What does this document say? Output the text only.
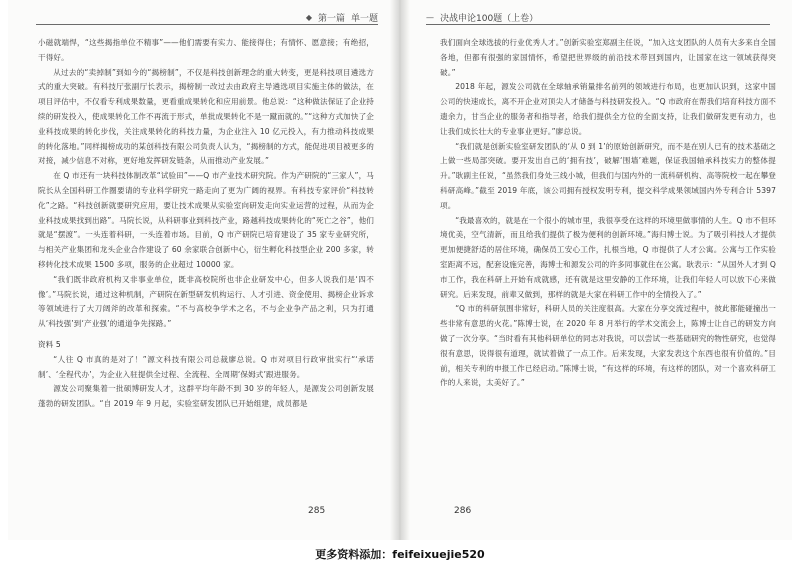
◆ 第一篇 单一题

小磁就端悍，“这些揭指单位不精事”——他们需要有实力、能接得住；有情怀、愿意接；有绝招，干得好。

从过去的“卖掉制”到如今的“揭榜制”，不仅是科技创新理念的重大转变，更是科技项目遴选方式的重大突破。有科技厅张副厅长表示，揭榜制一改过去由政府主导遴选项目实施主体的做法，在项目评估中，不仅看专利成果数量，更看重成果转化和应用前景。他总说：“这种做法保证了企业持续的研发投入，使成果转化工作不再流于形式，单批成果转化不是一蹴而就的。”“这种方式加快了企业科技成果的转化步伐，关注成果转化的科技力量，为企业注入 10 亿元投入，有力推动科技成果的转化落地。”同样揭榜成功的某创科技有限公司负责人认为，“揭榜制的方式，能促进项目被更多的对接，减少信息不对称，更好地发挥研发链条，从而推动产业发展。”

在 Q 市还有一块科技体制改革“试验田”——Q 市产业技术研究院。作为产研院的“三家人”，马院长从全国科研工作圈要请的专业科学研究一路走向了更为广阔的视界。有科技专家评价“科技转化”之路。“科技创新就要研究应用，要让技术成果从实验室向研发走向实业运营的过程，从而为企业科技成果找到出路”。马院长说，从科研事业到科技产业，路越科技成果转化的“死亡之谷”，他们就是“摆渡”。一头连着科研，一头连着市场。目前，Q 市产研院已培育建设了 35 家专业研究所，与相关产业集团和龙头企业合作建设了 60 余家联合创新中心，衍生孵化科技型企业 200 多家，转移转化技术成果 1500 多项，服务的企业超过 10000 家。

“我们既非政府机构又非事业单位，既非高校院所也非企业研发中心，但多人说我们是‘四不像’。”马院长说，通过这种机制，产研院在新型研发机构运行、人才引进、资金使用、揭榜企业诉求等领域进行了大刀阔斧的改革和探索。“不与高校争学术之名，不与企业争产品之利，只为打通从‘科技强’到‘产业强’的通道争先探路。”

资料 5

“人往 Q 市真的是对了！”源文科技有限公司总裁廖总说。Q 市对项目行政审批实行“‘承诺制’、‘全程代办’，为企业入驻提供全过程、全流程、全周期‘保姆式’跟进服务。

源发公司聚集着一批硕博研发人才，这群平均年龄不到 30 岁的年轻人，是源发公司创新发展蓬勃的研发团队。“自 2019 年 9 月起，实验室研发团队已开始组建，成员都是

285
— 决战申论100题（上卷）

我们面向全球选拔的行业优秀人才。”创新实验室郑副主任说，“加入这支团队的人员有大多来自全国各地，但都有很强的家国情怀，希望把世界级的前沿技术带回到国内，让国家在这一领域获得突破。”

2018 年起，源发公司就在全球轴承销量排名前列的领域进行布局，也更加认识到，这家中国公司的快速成长，离不开企业对顶尖人才储备与科技研发投入。“Q 市政府在帮我们培育科技方面不遗余力，甘当企业的服务者和指导者，给我们提供全方位的全面支持，让我们做研发更有动力，也让我们成长壮大的专业事业更好。”廖总说。

“我们就是创新实验室研发团队的‘从 0 到 1’的原始创新研究，而不是在别人已有的技术基础之上做一些局部突破。要开发出自己的‘拥有技’，破解‘围墙’难题，保证我国轴承科技实力的整体提升。”耿副主任说，“虽然我们身处三线小城，但我们与国内外的一流科研机构、高等院校一起在攀登科研高峰。”截至 2019 年底，该公司拥有授权发明专利，提交科学成果领域国内外专利合计 5397 项。

“我最喜欢的，就是在一个很小的城市里，我很享受在这样的环境里做事情的人生。Q 市不但环境优美，空气清新，而且给我们提供了极为便利的创新环境。”海归博士说。为了吸引科技人才提供更加便捷舒适的居住环境，确保员工安心工作，扎根当地，Q 市提供了人才公寓。公寓与工作实验室距离不远，配套设施完善，海博士和源发公司的许多同事就住在公寓。耿表示：“从国外人才到 Q 市工作，我在科研上开始有成就感，还有就是这里安静的工作环境，让我们年轻人可以放下心来做研究。后来发现，前辈又做到，那样的就是大家在科研工作中的全情投入了。”

“Q 市的科研氛围非常好，科研人员的关注度很高。大家在分享交流过程中，彼此都能碰撞出一些非常有意思的火花。”陈博士说，在 2020 年 8 月举行的学术交流会上，陈博士让自己的研发方向做了一次分享。“当时看有其他科研单位的同志对我说，可以尝试一些基础研究的物性研究，也觉得很有意思，说得很有道理，就试着做了一点工作。后来发现，大家发表这个东西也很有价值的。”目前，相关专利的申报工作已经启动。”陈博士说，“有这样的环境，有这样的团队，对一个喜欢科研工作的人来说，太美好了。”

286
更多资料添加：feifeixuejie520
